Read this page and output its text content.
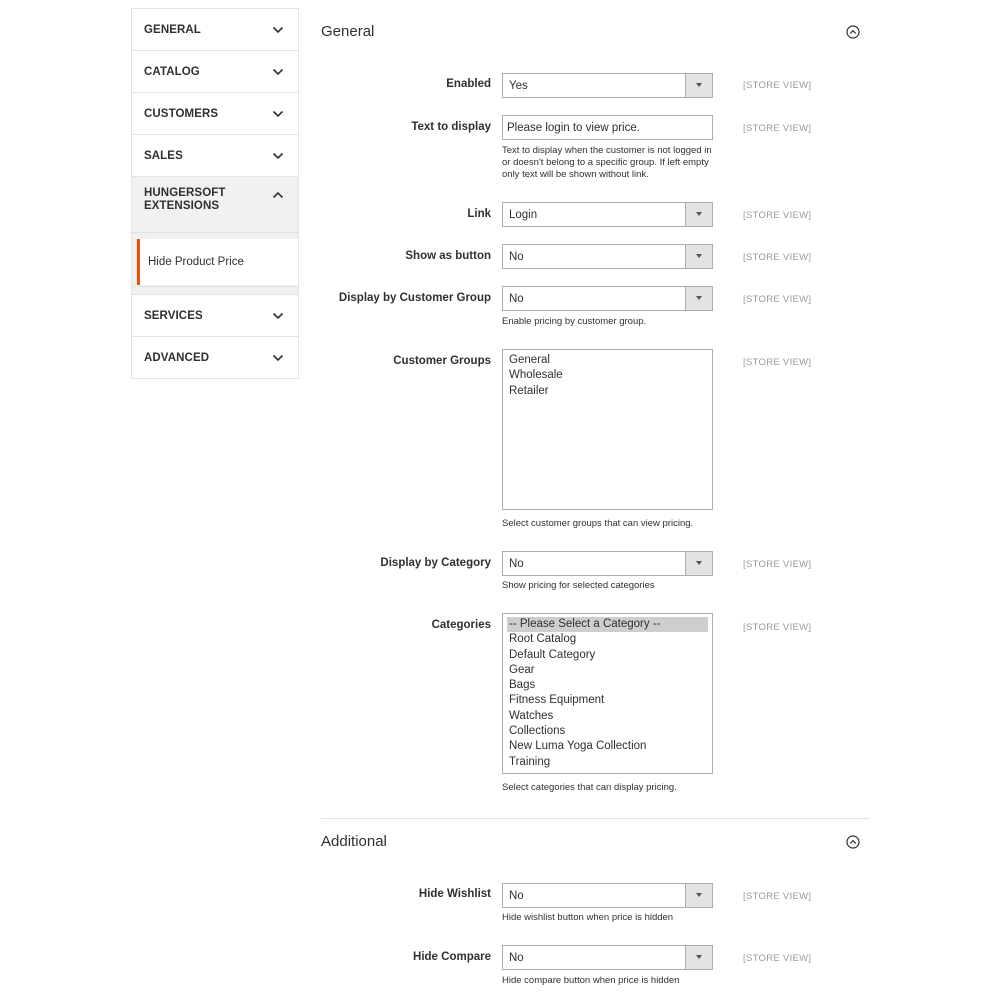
GENERAL
CATALOG
CUSTOMERS
SALES
HUNGERSOFT EXTENSIONS
Hide Product Price
SERVICES
ADVANCED
General
Enabled Yes	[STORE VIEW]
Text to display
Please login to view price.	[STORE VIEW]
Text to display when the customer is not logged in or doesn't belong to a specific group. If left empty only text will be shown without link.
Link Login	[STORE VIEW]
Show as button No	[STORE VIEW]
Display by Customer Group No	[STORE VIEW]
Enable pricing by customer group.
Customer Groups General
Wholesale
Retailer
[STORE VIEW]
Select customer groups that can view pricing.
Display by Category No	[STORE VIEW]
Show pricing for selected categories
Categories -- Please Select a Category --
Root Catalog
Default Category
Gear
Bags
Fitness Equipment
Watches
Collections
New Luma Yoga Collection
Training
[STORE VIEW]
Select categories that can display pricing.
Additional
Hide Wishlist No	[STORE VIEW]
Hide wishlist button when price is hidden
Hide Compare No	[STORE VIEW]
Hide compare button when price is hidden
